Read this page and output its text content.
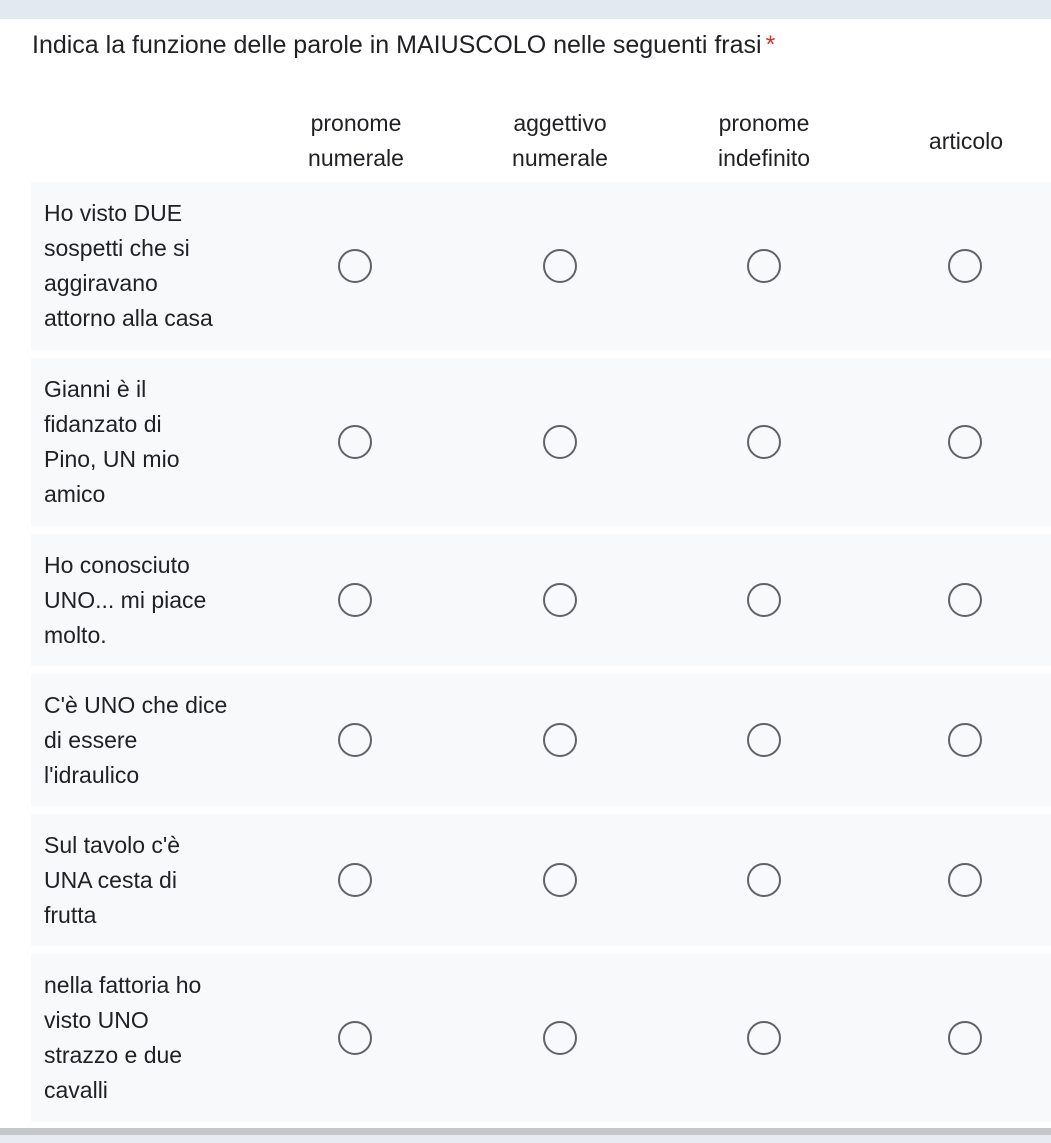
Indica la funzione delle parole in MAIUSCOLO nelle seguenti frasi *
pronome
numerale
aggettivo
numerale
pronome
indefinito
articolo
Ho visto DUE
sospetti che si
aggiravano
attorno alla casa
Gianni è il
fidanzato di
Pino, UN mio
amico
Ho conosciuto
UNO... mi piace
molto.
C'è UNO che dice
di essere
l'idraulico
Sul tavolo c'è
UNA cesta di
frutta
nella fattoria ho
visto UNO
strazzo e due
cavalli
